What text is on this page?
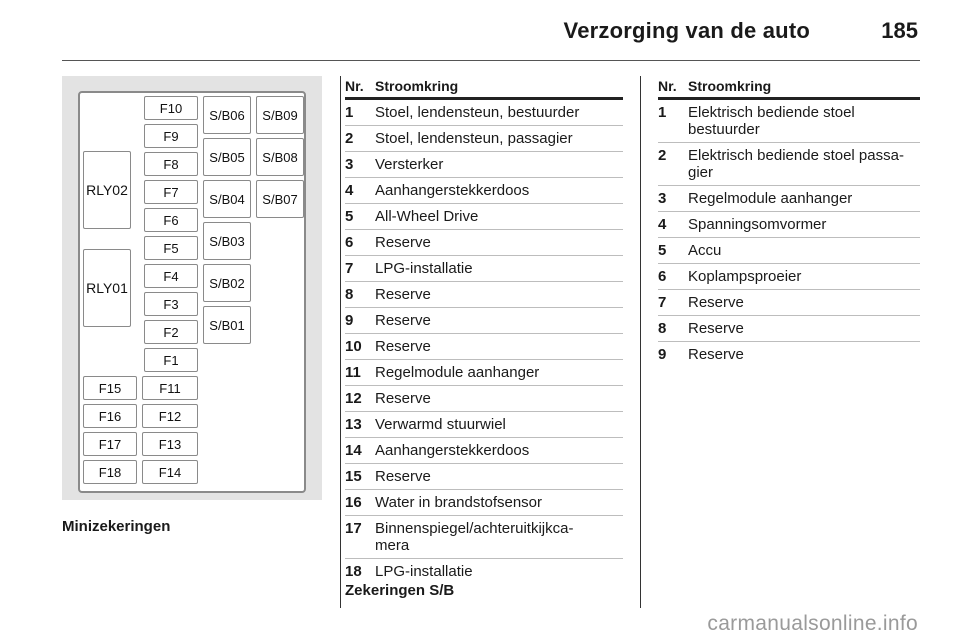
Verzorging van de auto	185
RLY02
RLY01
F10
F9
F8
F7
F6
F5
F4
F3
F2
F1
S/B06
S/B05
S/B04
S/B03
S/B02
S/B01
S/B09
S/B08
S/B07
F15
F16
F17
F18
F11
F12
F13
F14
Minizekeringen
Nr. Stroomkring
1	Stoel, lendensteun, bestuurder
2	Stoel, lendensteun, passagier
3	Versterker
4	Aanhangerstekkerdoos
5	All-Wheel Drive
6	Reserve
7	LPG-installatie
8	Reserve
9	Reserve
10 Reserve
11 Regelmodule aanhanger
12 Reserve
13 Verwarmd stuurwiel
14 Aanhangerstekkerdoos
15 Reserve
16 Water in brandstofsensor
17 Binnenspiegel/achteruitkijkca-
mera
18 LPG-installatie
Zekeringen S/B
Nr. Stroomkring
1	Elektrisch bediende stoel
bestuurder
2	Elektrisch bediende stoel passa-
gier
3	Regelmodule aanhanger
4	Spanningsomvormer
5	Accu
6	Koplampsproeier
7	Reserve
8	Reserve
9	Reserve
carmanualsonline.info
